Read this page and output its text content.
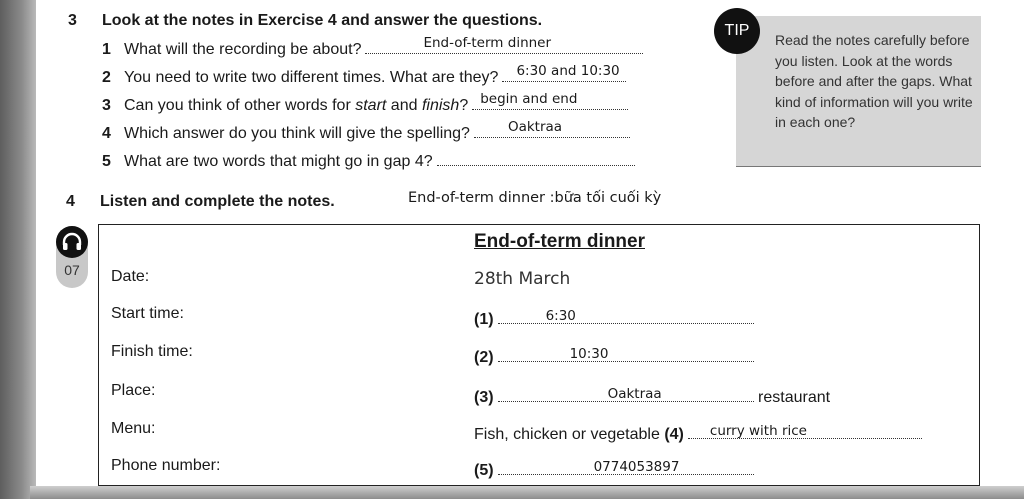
3 Look at the notes in Exercise 4 and answer the questions.
1 What will the recording be about?	End-of-term dinner
2 You need to write two different times. What are they? 6:30 and 10:30
3 Can you think of other words for start and finish? begin and end
4 Which answer do you think will give the spelling?	Oaktraa
5 What are two words that might go in gap 4?
TIP
Read the notes carefully before you listen. Look at the words before and after the gaps. What kind of information will you write in each one?
4 Listen and complete the notes.	End-of-term dinner :bữa tối cuối kỳ
07
End-of-term dinner
Date:	28th March
Start time:	(1)	6:30
Finish time:	(2)	10:30
Place:	(3)	Oaktraa	restaurant
Menu:	Fish, chicken or vegetable (4) curry with rice
Phone number:	(5)	0774053897
